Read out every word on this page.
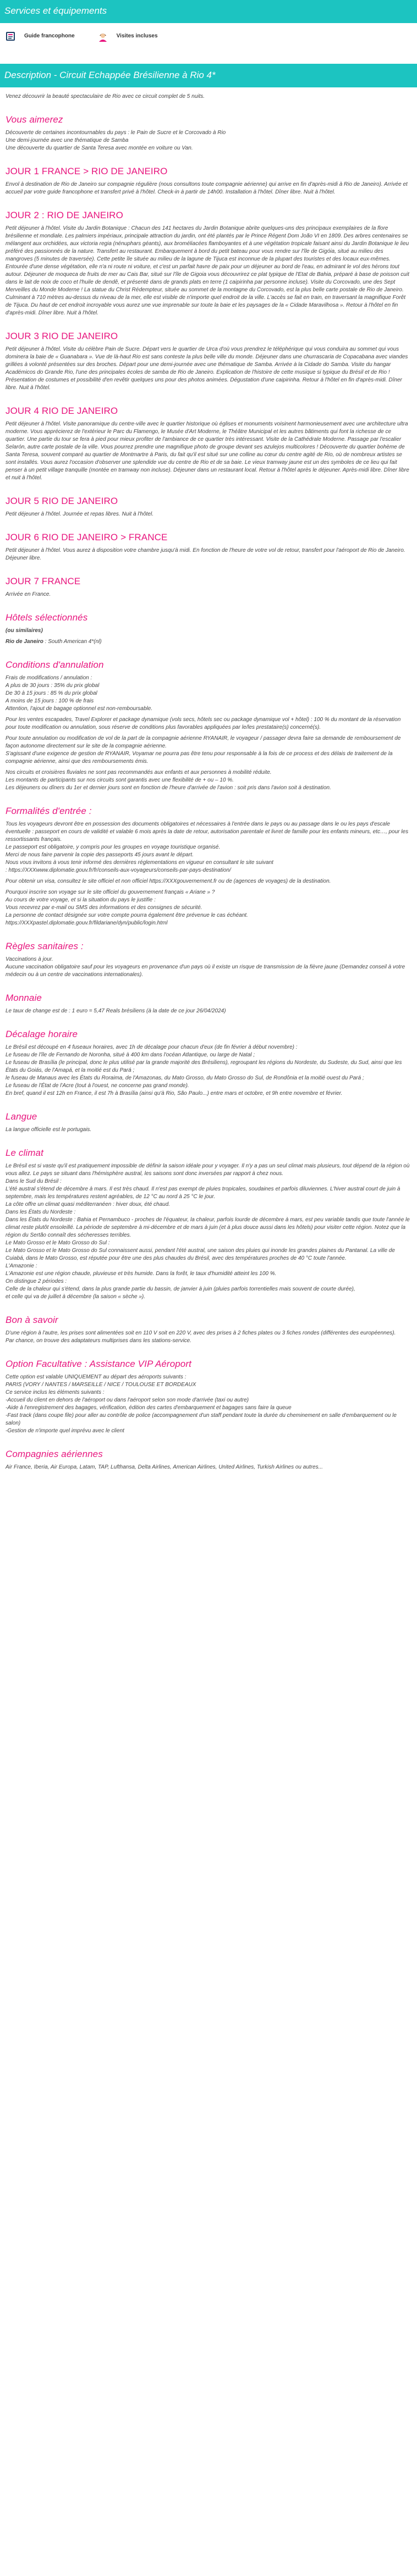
Services et équipements
Guide francophone	Visites incluses
Description - Circuit Echappée Brésilienne à Rio 4*

Venez découvrir la beauté spectaculaire de Rio avec ce circuit complet de 5 nuits.

Vous aimerez

Découverte de certaines incontournables du pays : le Pain de Sucre et le Corcovado à Rio
Une demi-journée avec une thématique de Samba
Une découverte du quartier de Santa Teresa avec montée en voiture ou Van.

JOUR 1 FRANCE > RIO DE JANEIRO

Envol à destination de Rio de Janeiro sur compagnie régulière (nous consultons toute compagnie aérienne) qui arrive en fin d'après-midi à Rio de Janeiro). Arrivée et accueil par votre guide francophone et transfert privé à l'hôtel. Check-in à partir de 14h00. Installation à l'hôtel. Dîner libre. Nuit à l'hôtel.

JOUR 2 : RIO DE JANEIRO

Petit déjeuner à l'hôtel. Visite du Jardin Botanique : Chacun des 141 hectares du Jardin Botanique abrite quelques-uns des principaux exemplaires de la flore brésilienne et mondiale. Les palmiers impériaux, principale attraction du jardin, ont été plantés par le Prince Régent Dom João VI en 1809. Des arbres centenaires se mélangent aux orchidées, aux victoria regia (nénuphars géants), aux broméliacées flamboyantes et à une végétation tropicale faisant ainsi du Jardin Botanique le lieu préféré des passionnés de la nature. Transfert au restaurant. Embarquement à bord du petit bateau pour vous rendre sur l'île de Gigóia, situé au milieu des mangroves (5 minutes de traversée). Cette petite île située au milieu de la lagune de Tijuca est inconnue de la plupart des touristes et des locaux eux-mêmes. Entourée d'une dense végétation, elle n'a ni route ni voiture, et c'est un parfait havre de paix pour un déjeuner au bord de l'eau, en admirant le vol des hérons tout autour. Déjeuner de moqueca de fruits de mer au Cais Bar, situé sur l'île de Gigoia vous découvrirez ce plat typique de l'Etat de Bahia, préparé à base de poisson cuit dans le lait de noix de coco et l'huile de dendê, et présenté dans de grands plats en terre (1 caipirinha par personne incluse). Visite du Corcovado, une des Sept Merveilles du Monde Moderne ! La statue du Christ Rédempteur, située au sommet de la montagne du Corcovado, est la plus belle carte postale de Rio de Janeiro. Culminant à 710 mètres au-dessus du niveau de la mer, elle est visible de n'importe quel endroit de la ville. L'accès se fait en train, en traversant la magnifique Forêt de Tijuca. Du haut de cet endroit incroyable vous aurez une vue imprenable sur toute la baie et les paysages de la « Cidade Maravilhosa ». Retour à l'hôtel en fin d'après-midi. Dîner libre. Nuit à l'hôtel.

JOUR 3 RIO DE JANEIRO

Petit déjeuner à l'hôtel. Visite du célèbre Pain de Sucre. Départ vers le quartier de Urca d'où vous prendrez le téléphérique qui vous conduira au sommet qui vous dominera la baie de « Guanabara ». Vue de là-haut Rio est sans conteste la plus belle ville du monde. Déjeuner dans une churrascaria de Copacabana avec viandes grillées à volonté présentées sur des broches. Départ pour une demi-journée avec une thématique de Samba. Arrivée à la Cidade do Samba. Visite du hangar Académicos do Grande Rio, l'une des principales écoles de samba de Rio de Janeiro. Explication de l'histoire de cette musique si typique du Brésil et de Rio ! Présentation de costumes et possibilité d'en revêtir quelques uns pour des photos animées. Dégustation d'une caipirinha. Retour à l'hôtel en fin d'après-midi. Dîner libre. Nuit à l'hôtel.

JOUR 4 RIO DE JANEIRO

Petit déjeuner à l'hôtel. Visite panoramique du centre-ville avec le quartier historique où églises et monuments voisinent harmonieusement avec une architecture ultra moderne. Vous apprécierez de l'extérieur le Parc du Flamengo, le Musée d'Art Moderne, le Théâtre Municipal et les autres bâtiments qui font la richesse de ce quartier. Une partie du tour se fera à pied pour mieux profiter de l'ambiance de ce quartier très intéressant. Visite de la Cathédrale Moderne. Passage par l'escalier Selarón, autre carte postale de la ville. Vous pourrez prendre une magnifique photo de groupe devant ses azulejos multicolores ! Découverte du quartier bohème de Santa Teresa, souvent comparé au quartier de Montmartre à Paris, du fait qu'il est situé sur une colline au cœur du centre agité de Rio, où de nombreux artistes se sont installés. Vous aurez l'occasion d'observer une splendide vue du centre de Rio et de sa baie. Le vieux tramway jaune est un des symboles de ce lieu qui fait penser à un petit village tranquille (montée en tramway non incluse). Déjeuner dans un restaurant local. Retour à l'hôtel après le déjeuner. Après-midi libre. Dîner libre et nuit à l'hôtel.

JOUR 5 RIO DE JANEIRO

Petit déjeuner à l'hôtel. Journée et repas libres. Nuit à l'hôtel.

JOUR 6 RIO DE JANEIRO > FRANCE

Petit déjeuner à l'hôtel. Vous aurez à disposition votre chambre jusqu'à midi. En fonction de l'heure de votre vol de retour, transfert pour l'aéroport de Rio de Janeiro. Déjeuner libre.

JOUR 7 FRANCE

Arrivée en France.

Hôtels sélectionnés

(ou similaires)

Rio de Janeiro : South American 4*(nl)

Conditions d'annulation

Frais de modifications / annulation :
A plus de 30 jours : 35% du prix global
De 30 à 15 jours : 85 % du prix global
A moins de 15 jours : 100 % de frais
Attention, l'ajout de bagage optionnel est non-remboursable.

Pour les ventes escapades, Travel Explorer et package dynamique (vols secs, hôtels sec ou package dynamique vol + hôtel) : 100 % du montant de la réservation pour toute modification ou annulation, sous réserve de conditions plus favorables appliquées par le/les prestataire(s) concerné(s).

Pour toute annulation ou modification de vol de la part de la compagnie aérienne RYANAIR, le voyageur / passager devra faire sa demande de remboursement de façon autonome directement sur le site de la compagnie aérienne.
S'agissant d'une exigence de gestion de RYANAIR, Voyamar ne pourra pas être tenu pour responsable à la fois de ce process et des délais de traitement de la compagnie aérienne, ainsi que des remboursements émis.

Nos circuits et croisières fluviales ne sont pas recommandés aux enfants et aux personnes à mobilité réduite.
Les montants de participants sur nos circuits sont garantis avec une flexibilité de + ou – 10 %.
Les déjeuners ou dîners du 1er et dernier jours sont en fonction de l'heure d'arrivée de l'avion : soit pris dans l'avion soit à destination.

Formalités d'entrée :

Tous les voyageurs devront être en possession des documents obligatoires et nécessaires à l'entrée dans le pays ou au passage dans le ou les pays d'escale éventuelle : passeport en cours de validité et valable 6 mois après la date de retour, autorisation parentale et livret de famille pour les enfants mineurs, etc…, pour les ressortissants français.
Le passeport est obligatoire, y compris pour les groupes en voyage touristique organisé.
Merci de nous faire parvenir la copie des passeports 45 jours avant le départ.
Nous vous invitons à vous tenir informé des dernières réglementations en vigueur en consultant le site suivant
: https://XXXwww.diplomatie.gouv.fr/fr/conseils-aux-voyageurs/conseils-par-pays-destination/

Pour obtenir un visa, consultez le site officiel et non officiel https://XXXgouvernement.fr ou de (agences de voyages) de la destination.

Pourquoi inscrire son voyage sur le site officiel du gouvernement français « Ariane » ?
Au cours de votre voyage, et si la situation du pays le justifie :
Vous recevrez par e-mail ou SMS des informations et des consignes de sécurité.
La personne de contact désignée sur votre compte pourra également être prévenue le cas échéant.
https://XXXpastel.diplomatie.gouv.fr/fildariane/dyn/public/login.html

Règles sanitaires :

Vaccinations à jour.
Aucune vaccination obligatoire sauf pour les voyageurs en provenance d'un pays où il existe un risque de transmission de la fièvre jaune (Demandez conseil à votre médecin ou à un centre de vaccinations internationales).

Monnaie

Le taux de change est de : 1 euro = 5,47 Reals brésiliens (à la date de ce jour 26/04/2024)

Décalage horaire

Le Brésil est découpé en 4 fuseaux horaires, avec 1h de décalage pour chacun d'eux (de fin février à début novembre) :
Le fuseau de l'île de Fernando de Noronha, situé à 400 km dans l'océan Atlantique, ou large de Natal ;
Le fuseau de Brasília (le principal, donc le plus utilisé par la grande majorité des Brésiliens), regroupant les régions du Nordeste, du Sudeste, du Sud, ainsi que les États du Goiás, de l'Amapá, et la moitié est du Pará ;
le fuseau de Manaus avec les États du Roraima, de l'Amazonas, du Mato Grosso, du Mato Grosso do Sul, de Rondônia et la moitié ouest du Pará ;
Le fuseau de l'État de l'Acre (tout à l'ouest, ne concerne pas grand monde).
En bref, quand il est 12h en France, il est 7h à Brasília (ainsi qu'à Rio, São Paulo...) entre mars et octobre, et 9h entre novembre et février.

Langue

La langue officielle est le portugais.

Le climat

Le Brésil est si vaste qu'il est pratiquement impossible de définir la saison idéale pour y voyager. Il n'y a pas un seul climat mais plusieurs, tout dépend de la région où vous allez. Le pays se situant dans l'hémisphère austral, les saisons sont donc inversées par rapport à chez nous.
Dans le Sud du Brésil :
L'été austral s'étend de décembre à mars. Il est très chaud. Il n'est pas exempt de pluies tropicales, soudaines et parfois diluviennes. L'hiver austral court de juin à septembre, mais les températures restent agréables, de 12 °C au nord à 25 °C le jour.
La côte offre un climat quasi méditerranéen : hiver doux, été chaud.
Dans les États du Nordeste :
Dans les États du Nordeste : Bahia et Pernambuco - proches de l'équateur, la chaleur, parfois lourde de décembre à mars, est peu variable tandis que toute l'année le climat reste plutôt ensoleillé. La période de septembre à mi-décembre et de mars à juin (et à plus douce aussi dans les hôtels) pour visiter cette région. Notez que la région du Sertão connaît des sécheresses terribles.
Le Mato Grosso et le Mato Grosso do Sul :
Le Mato Grosso et le Mato Grosso do Sul connaissent aussi, pendant l'été austral, une saison des pluies qui inonde les grandes plaines du Pantanal. La ville de Cuiabá, dans le Mato Grosso, est réputée pour être une des plus chaudes du Brésil, avec des températures proches de 40 °C toute l'année.
L'Amazonie :
L'Amazonie est une région chaude, pluvieuse et très humide. Dans la forêt, le taux d'humidité atteint les 100 %.
On distingue 2 périodes :
Celle de la chaleur qui s'étend, dans la plus grande partie du bassin, de janvier à juin (pluies parfois torrentielles mais souvent de courte durée),
et celle qui va de juillet à décembre (la saison « sèche »).

Bon à savoir

D'une région à l'autre, les prises sont alimentées soit en 110 V soit en 220 V, avec des prises à 2 fiches plates ou 3 fiches rondes (différentes des européennes).
Par chance, on trouve des adaptateurs multiprises dans les stations-service.

Option Facultative : Assistance VIP Aéroport

Cette option est valable UNIQUEMENT au départ des aéroports suivants :
PARIS (VORY / NANTES / MARSEILLE / NICE / TOULOUSE ET BORDEAUX
Ce service inclus les éléments suivants :
-Accueil du client en dehors de l'aéroport ou dans l'aéroport selon son mode d'arrivée (taxi ou autre)
-Aide à l'enregistrement des bagages, vérification, édition des cartes d'embarquement et bagages sans faire la queue
-Fast track (dans coupe file) pour aller au contrôle de police (accompagnement d'un staff pendant toute la durée du cheminement en salle d'embarquement ou le salon)
-Gestion de n'importe quel imprévu avec le client

Compagnies aériennes

Air France, Iberia, Air Europa, Latam, TAP, Lufthansa, Delta Airlines, American Airlines, United Airlines, Turkish Airlines ou autres...
